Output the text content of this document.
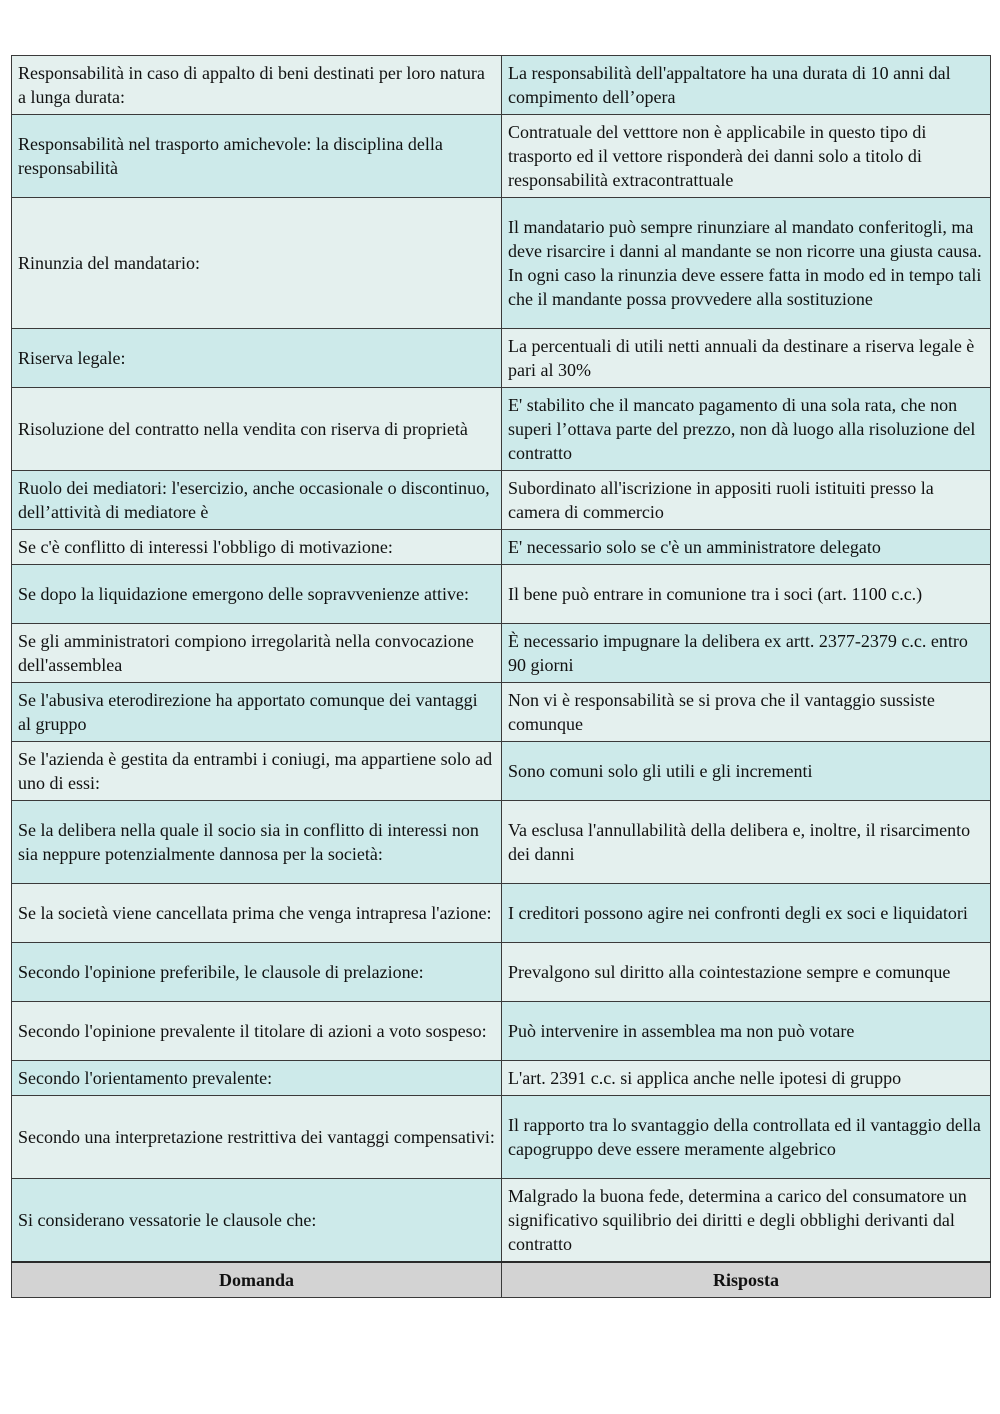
Responsabilità in caso di appalto di beni destinati per loro natura a lunga durata:	La responsabilità dell'appaltatore ha una durata di 10 anni dal compimento dell’opera
Responsabilità nel trasporto amichevole: la disciplina della responsabilità	Contratuale del vetttore non è applicabile in questo tipo di trasporto ed il vettore risponderà dei danni solo a titolo di responsabilità extracontrattuale
Rinunzia del mandatario:	Il mandatario può sempre rinunziare al mandato conferitogli, ma deve risarcire i danni al mandante se non ricorre una giusta causa. In ogni caso la rinunzia deve essere fatta in modo ed in tempo tali che il mandante possa provvedere alla sostituzione
Riserva legale:	La percentuali di utili netti annuali da destinare a riserva legale è pari al 30%
Risoluzione del contratto nella vendita con riserva di proprietà	E' stabilito che il mancato pagamento di una sola rata, che non superi l’ottava parte del prezzo, non dà luogo alla risoluzione del contratto
Ruolo dei mediatori: l'esercizio, anche occasionale o discontinuo, dell’attività di mediatore è	Subordinato all'iscrizione in appositi ruoli istituiti presso la camera di commercio
Se c'è conflitto di interessi l'obbligo di motivazione:	E' necessario solo se c'è un amministratore delegato
Se dopo la liquidazione emergono delle sopravvenienze attive:	Il bene può entrare in comunione tra i soci (art. 1100 c.c.)
Se gli amministratori compiono irregolarità nella convocazione dell'assemblea	È necessario impugnare la delibera ex artt. 2377-2379 c.c. entro 90 giorni
Se l'abusiva eterodirezione ha apportato comunque dei vantaggi al gruppo	Non vi è responsabilità se si prova che il vantaggio sussiste comunque
Se l'azienda è gestita da entrambi i coniugi, ma appartiene solo ad uno di essi:	Sono comuni solo gli utili e gli incrementi
Se la delibera nella quale il socio sia in conflitto di interessi non sia neppure potenzialmente dannosa per la società:	Va esclusa l'annullabilità della delibera e, inoltre, il risarcimento dei danni
Se la società viene cancellata prima che venga intrapresa l'azione:	I creditori possono agire nei confronti degli ex soci e liquidatori
Secondo l'opinione preferibile, le clausole di prelazione:	Prevalgono sul diritto alla cointestazione sempre e comunque
Secondo l'opinione prevalente il titolare di azioni a voto sospeso:	Può intervenire in assemblea ma non può votare
Secondo l'orientamento prevalente:	L'art. 2391 c.c. si applica anche nelle ipotesi di gruppo
Secondo una interpretazione restrittiva dei vantaggi compensativi:	Il rapporto tra lo svantaggio della controllata ed il vantaggio della capogruppo deve essere meramente algebrico
Si considerano vessatorie le clausole che:	Malgrado la buona fede, determina a carico del consumatore un significativo squilibrio dei diritti e degli obblighi derivanti dal contratto
Domanda	Risposta
